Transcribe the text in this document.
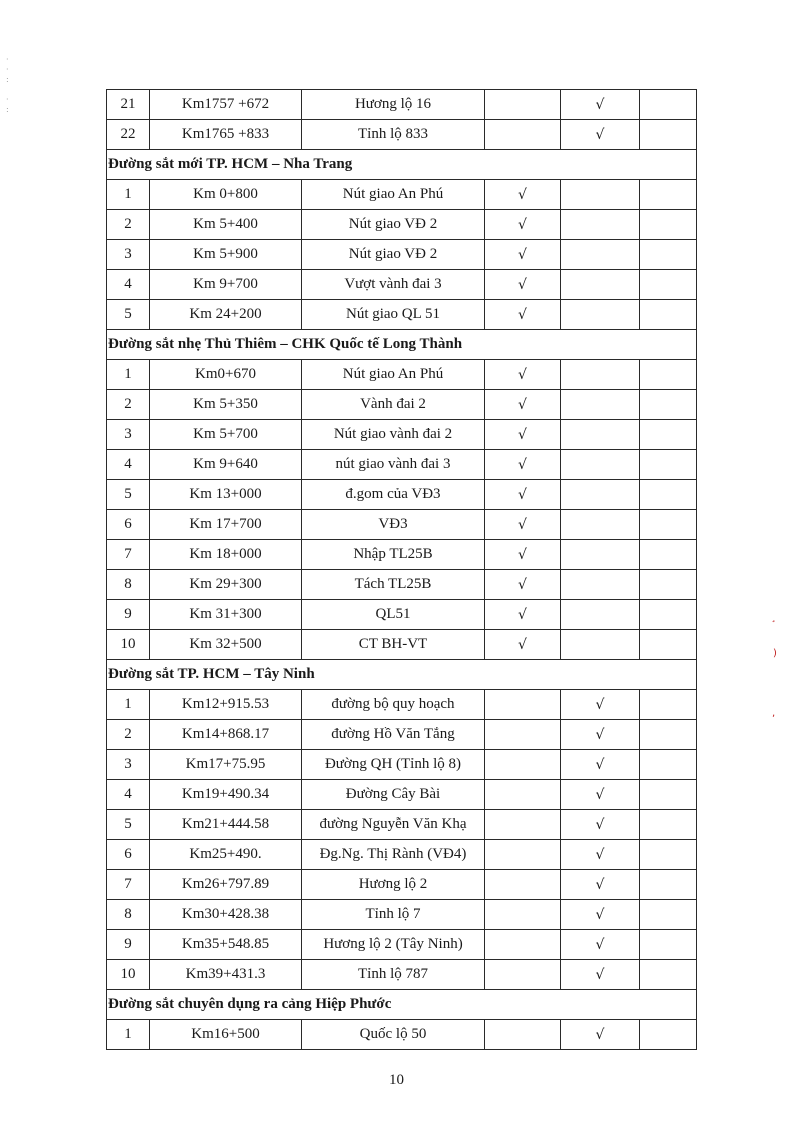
·
·
:

·
:	21	Km1757 +672	Hương lộ 16		√	
22	Km1765 +833	Tỉnh lộ 833		√	
Đường sắt mới TP. HCM – Nha Trang					
1	Km 0+800	Nút giao An Phú	√		
2	Km 5+400	Nút giao VĐ 2	√		
3	Km 5+900	Nút giao VĐ 2	√		
4	Km 9+700	Vượt vành đai 3	√		
5	Km 24+200	Nút giao QL 51	√		
Đường sắt nhẹ Thủ Thiêm – CHK Quốc tế Long Thành					
1	Km0+670	Nút giao An Phú	√		
2	Km 5+350	Vành đai 2	√		
3	Km 5+700	Nút giao vành đai 2	√		
4	Km 9+640	nút giao vành đai 3	√		
5	Km 13+000	đ.gom của VĐ3	√		
6	Km 17+700	VĐ3	√		
7	Km 18+000	Nhập TL25B	√		
8	Km 29+300	Tách TL25B	√		
9	Km 31+300	QL51	√		
10	Km 32+500	CT BH-VT	√		
Đường sắt TP. HCM – Tây Ninh					
1	Km12+915.53	đường bộ quy hoạch		√	
2	Km14+868.17	đường Hồ Văn Tắng		√	
3	Km17+75.95	Đường QH (Tỉnh lộ 8)		√	
4	Km19+490.34	Đường Cây Bài		√	
5	Km21+444.58	đường Nguyễn Văn Khạ		√	
6	Km25+490.	Đg.Ng. Thị Rành (VĐ4)		√	
7	Km26+797.89	Hương lộ 2		√	
8	Km30+428.38	Tỉnh lộ 7		√	
9	Km35+548.85	Hương lộ 2 (Tây Ninh)		√	
10	Km39+431.3	Tỉnh lộ 787		√	
Đường sắt chuyên dụng ra cảng Hiệp Phước					
1	Km16+500	Quốc lộ 50		√	
¸
)
,
10
